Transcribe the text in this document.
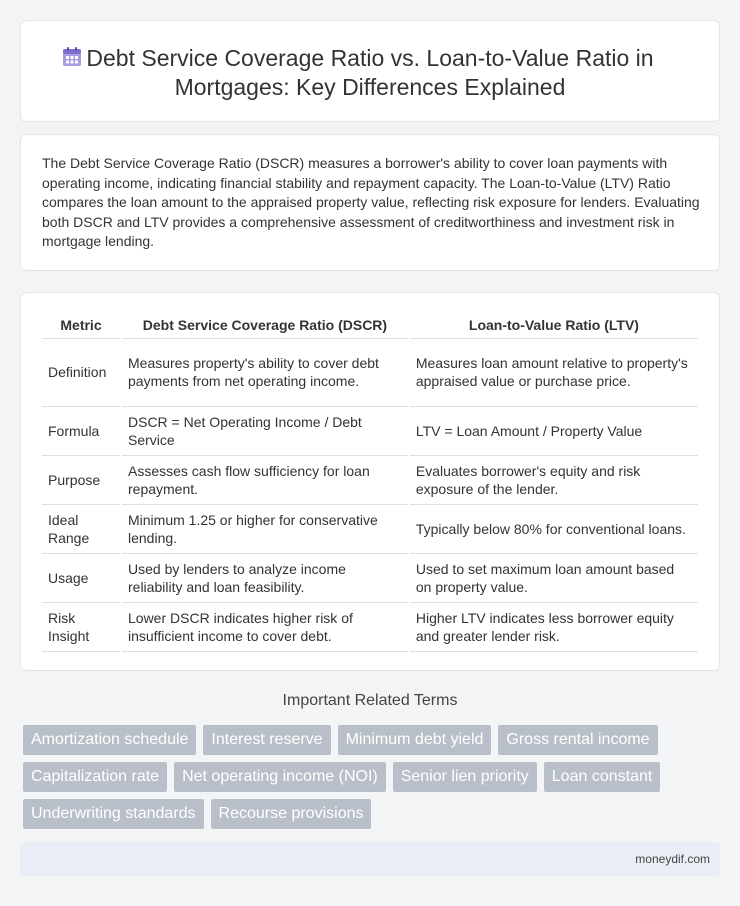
Debt Service Coverage Ratio vs. Loan-to-Value Ratio in Mortgages: Key Differences Explained

The Debt Service Coverage Ratio (DSCR) measures a borrower's ability to cover loan payments with operating income, indicating financial stability and repayment capacity. The Loan-to-Value (LTV) Ratio compares the loan amount to the appraised property value, reflecting risk exposure for lenders. Evaluating both DSCR and LTV provides a comprehensive assessment of creditworthiness and investment risk in mortgage lending.

Metric	Debt Service Coverage Ratio (DSCR)	Loan-to-Value Ratio (LTV)
Definition	Measures property's ability to cover debt payments from net operating income.	Measures loan amount relative to property's appraised value or purchase price.
Formula	DSCR = Net Operating Income / Debt Service	LTV = Loan Amount / Property Value
Purpose	Assesses cash flow sufficiency for loan repayment.	Evaluates borrower's equity and risk exposure of the lender.
Ideal Range	Minimum 1.25 or higher for conservative lending.	Typically below 80% for conventional loans.
Usage	Used by lenders to analyze income reliability and loan feasibility.	Used to set maximum loan amount based on property value.
Risk Insight	Lower DSCR indicates higher risk of insufficient income to cover debt.	Higher LTV indicates less borrower equity and greater lender risk.
Important Related Terms
Amortization schedule	Interest reserve	Minimum debt yield	Gross rental income
Capitalization rate	Net operating income (NOI)	Senior lien priority	Loan constant
Underwriting standards	Recourse provisions
moneydif.com
